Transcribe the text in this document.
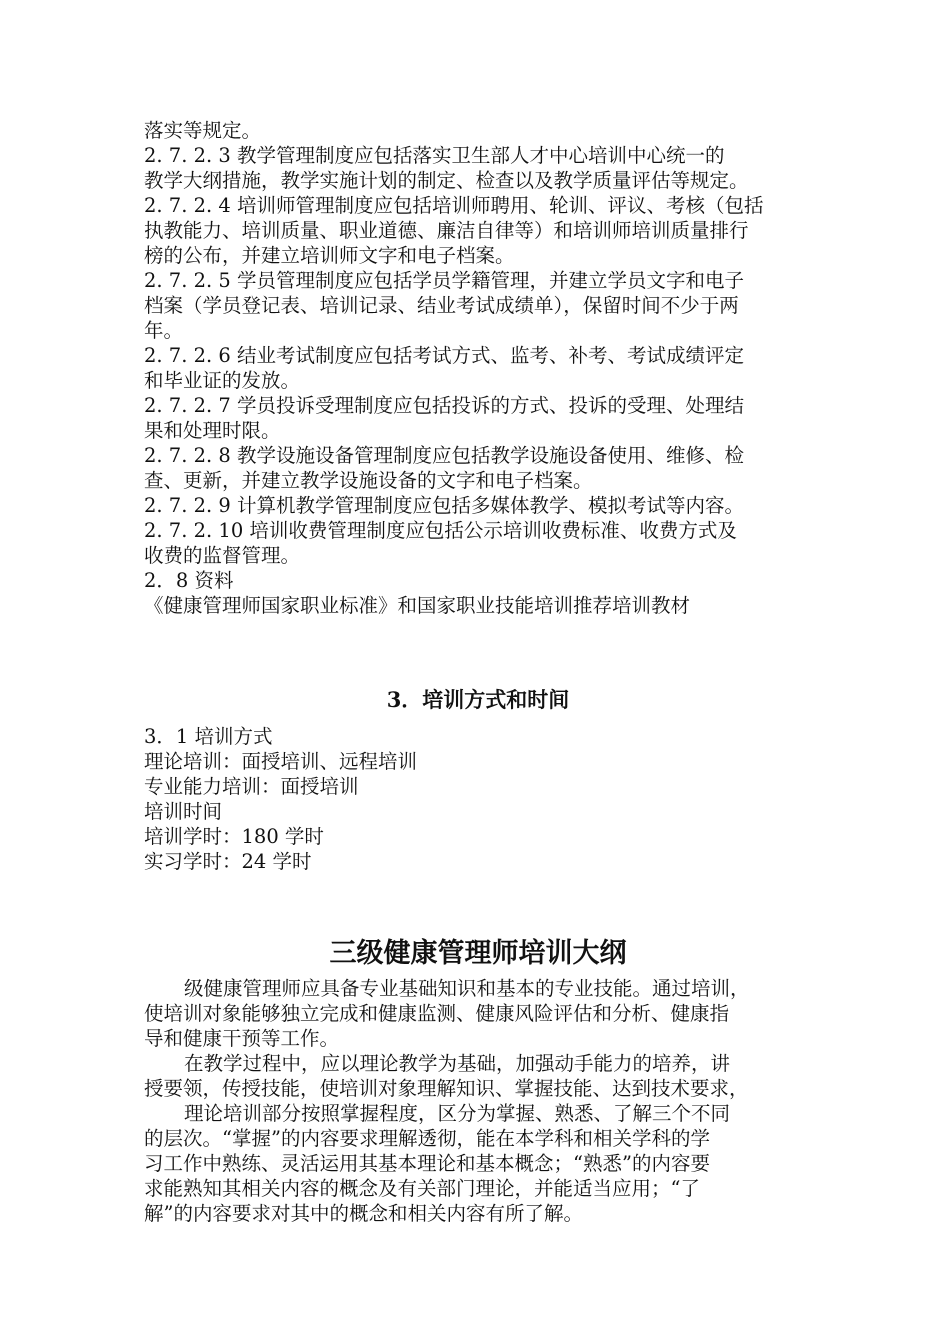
落实等规定。

2. 7. 2. 3 教学管理制度应包括落实卫生部人才中心培训中心统一的

教学大纲措施，教学实施计划的制定、检查以及教学质量评估等规定。

2. 7. 2. 4 培训师管理制度应包括培训师聘用、轮训、评议、考核（包括

执教能力、培训质量、职业道德、廉洁自律等）和培训师培训质量排行

榜的公布，并建立培训师文字和电子档案。

2. 7. 2. 5 学员管理制度应包括学员学籍管理，并建立学员文字和电子

档案（学员登记表、培训记录、结业考试成绩单），保留时间不少于两

年。

2. 7. 2. 6 结业考试制度应包括考试方式、监考、补考、考试成绩评定

和毕业证的发放。

2. 7. 2. 7 学员投诉受理制度应包括投诉的方式、投诉的受理、处理结

果和处理时限。

2. 7. 2. 8 教学设施设备管理制度应包括教学设施设备使用、维修、检

查、更新，并建立教学设施设备的文字和电子档案。

2. 7. 2. 9 计算机教学管理制度应包括多媒体教学、模拟考试等内容。

2. 7. 2. 10 培训收费管理制度应包括公示培训收费标准、收费方式及

收费的监督管理。

2．8 资料

《健康管理师国家职业标准》和国家职业技能培训推荐培训教材

3．培训方式和时间

3．1 培训方式

理论培训：面授培训、远程培训

专业能力培训：面授培训

培训时间

培训学时：180 学时

实习学时：24 学时

三级健康管理师培训大纲
级健康管理师应具备专业基础知识和基本的专业技能。通过培训，
使培训对象能够独立完成和健康监测、健康风险评估和分析、健康指
导和健康干预等工作。
在教学过程中，应以理论教学为基础，加强动手能力的培养，讲
授要领，传授技能，使培训对象理解知识、掌握技能、达到技术要求，
理论培训部分按照掌握程度，区分为掌握、熟悉、了解三个不同
的层次。“掌握”的内容要求理解透彻，能在本学科和相关学科的学
习工作中熟练、灵活运用其基本理论和基本概念；“熟悉”的内容要
求能熟知其相关内容的概念及有关部门理论，并能适当应用；“了
解”的内容要求对其中的概念和相关内容有所了解。
